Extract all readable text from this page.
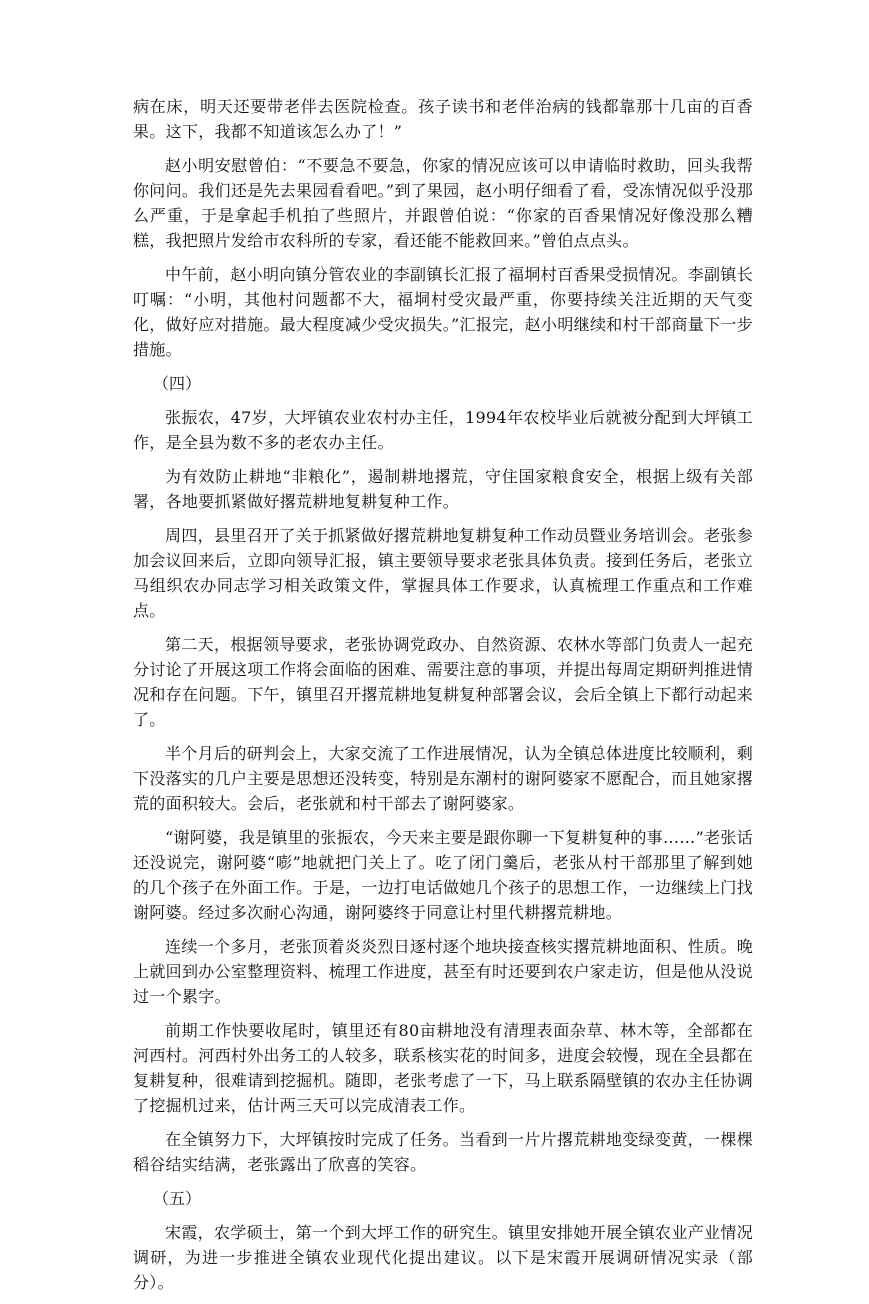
病在床，明天还要带老伴去医院检查。孩子读书和老伴治病的钱都靠那十几亩的百香果。这下，我都不知道该怎么办了！”

赵小明安慰曾伯：“不要急不要急，你家的情况应该可以申请临时救助，回头我帮你问问。我们还是先去果园看看吧。”到了果园，赵小明仔细看了看，受冻情况似乎没那么严重，于是拿起手机拍了些照片，并跟曾伯说：“你家的百香果情况好像没那么糟糕，我把照片发给市农科所的专家，看还能不能救回来。”曾伯点点头。

中午前，赵小明向镇分管农业的李副镇长汇报了福垌村百香果受损情况。李副镇长叮嘱：“小明，其他村问题都不大，福垌村受灾最严重，你要持续关注近期的天气变化，做好应对措施。最大程度减少受灾损失。”汇报完，赵小明继续和村干部商量下一步措施。

（四）

张振农，47岁，大坪镇农业农村办主任，1994年农校毕业后就被分配到大坪镇工作，是全县为数不多的老农办主任。

为有效防止耕地“非粮化”，遏制耕地撂荒，守住国家粮食安全，根据上级有关部署，各地要抓紧做好撂荒耕地复耕复种工作。

周四，县里召开了关于抓紧做好撂荒耕地复耕复种工作动员暨业务培训会。老张参加会议回来后，立即向领导汇报，镇主要领导要求老张具体负责。接到任务后，老张立马组织农办同志学习相关政策文件，掌握具体工作要求，认真梳理工作重点和工作难点。

第二天，根据领导要求，老张协调党政办、自然资源、农林水等部门负责人一起充分讨论了开展这项工作将会面临的困难、需要注意的事项，并提出每周定期研判推进情况和存在问题。下午，镇里召开撂荒耕地复耕复种部署会议，会后全镇上下都行动起来了。

半个月后的研判会上，大家交流了工作进展情况，认为全镇总体进度比较顺利，剩下没落实的几户主要是思想还没转变，特别是东潮村的谢阿婆家不愿配合，而且她家撂荒的面积较大。会后，老张就和村干部去了谢阿婆家。

“谢阿婆，我是镇里的张振农，今天来主要是跟你聊一下复耕复种的事……”老张话还没说完，谢阿婆“嘭”地就把门关上了。吃了闭门羹后，老张从村干部那里了解到她的几个孩子在外面工作。于是，一边打电话做她几个孩子的思想工作，一边继续上门找谢阿婆。经过多次耐心沟通，谢阿婆终于同意让村里代耕撂荒耕地。

连续一个多月，老张顶着炎炎烈日逐村逐个地块接查核实撂荒耕地面积、性质。晚上就回到办公室整理资料、梳理工作进度，甚至有时还要到农户家走访，但是他从没说过一个累字。

前期工作快要收尾时，镇里还有80亩耕地没有清理表面杂草、林木等，全部都在河西村。河西村外出务工的人较多，联系核实花的时间多，进度会较慢，现在全县都在复耕复种，很难请到挖掘机。随即，老张考虑了一下，马上联系隔壁镇的农办主任协调了挖掘机过来，估计两三天可以完成清表工作。

在全镇努力下，大坪镇按时完成了任务。当看到一片片撂荒耕地变绿变黄，一棵棵稻谷结实结满，老张露出了欣喜的笑容。

（五）

宋霞，农学硕士，第一个到大坪工作的研究生。镇里安排她开展全镇农业产业情况调研，为进一步推进全镇农业现代化提出建议。以下是宋霞开展调研情况实录（部分）。
